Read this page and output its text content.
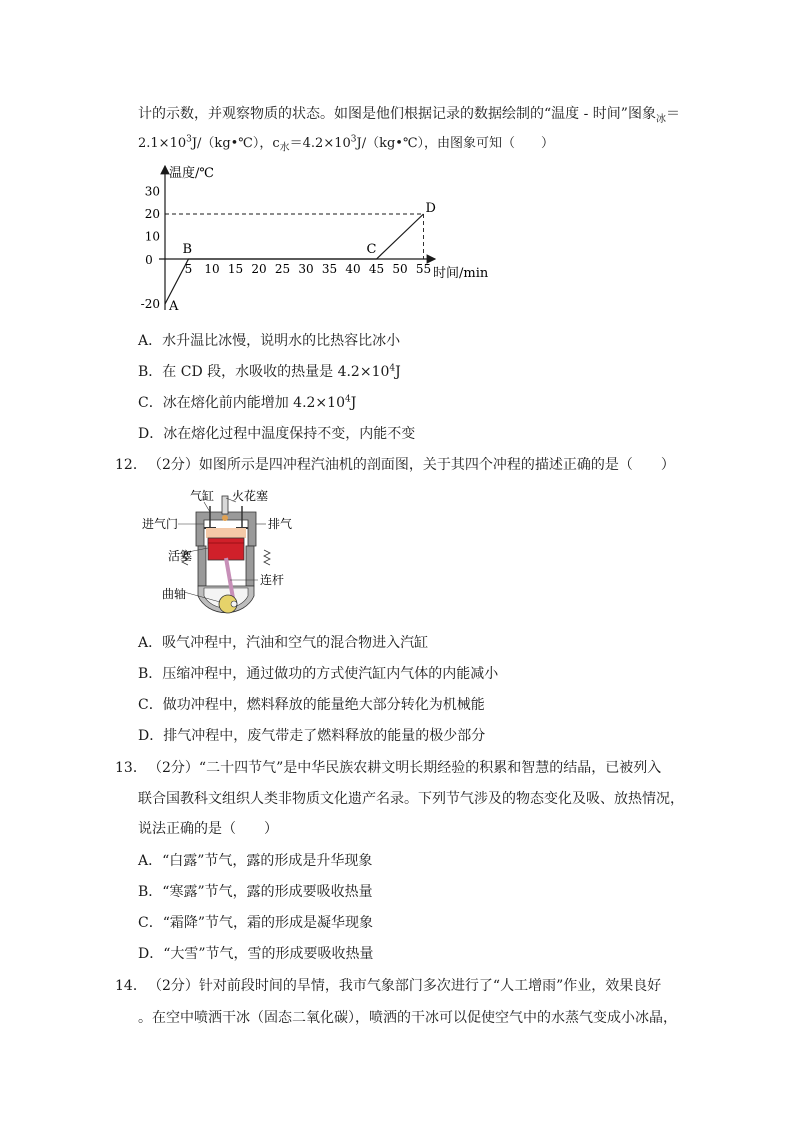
计的示数，并观察物质的状态。如图是他们根据记录的数据绘制的“温度 - 时间”图象$_冰$＝
$2.1\times 10^3J/(kg•℃)$，$c_水=4.2\times 10^3J/(kg•℃)$，由图象可知（　　）
温度/℃
时间/min
0
5 10 15 20 25 30 35 40 45 50 55
-20
10
20
30
A
B	C
D
A．水升温比冰慢，说明水的比热容比冰小
B．在 CD 段，水吸收的热量是 $4.2\times 10^4J$
C．冰在熔化前内能增加 $4.2\times 10^4J$
D．冰在熔化过程中温度保持不变，内能不变
12． （2分）如图所示是四冲程汽油机的剖面图，关于其四个冲程的描述正确的是（　　）
气缸 火花塞
进气门	排气
活塞
连杆
曲轴
A．吸气冲程中，汽油和空气的混合物进入汽缸
B．压缩冲程中，通过做功的方式使汽缸内气体的内能减小
C．做功冲程中，燃料释放的能量绝大部分转化为机械能
D．排气冲程中，废气带走了燃料释放的能量的极少部分
13． （2分）“二十四节气”是中华民族农耕文明长期经验的积累和智慧的结晶，已被列入
联合国教科文组织人类非物质文化遗产名录。下列节气涉及的物态变化及吸、放热情况，
说法正确的是（　　）
A．“白露”节气，露的形成是升华现象
B．“寒露”节气，露的形成要吸收热量
C．“霜降”节气，霜的形成是凝华现象
D．“大雪”节气，雪的形成要吸收热量
14． （2分）针对前段时间的旱情，我市气象部门多次进行了“人工增雨”作业，效果良好
。在空中喷洒干冰（固态二氧化碳），喷洒的干冰可以促使空气中的水蒸气变成小冰晶，
